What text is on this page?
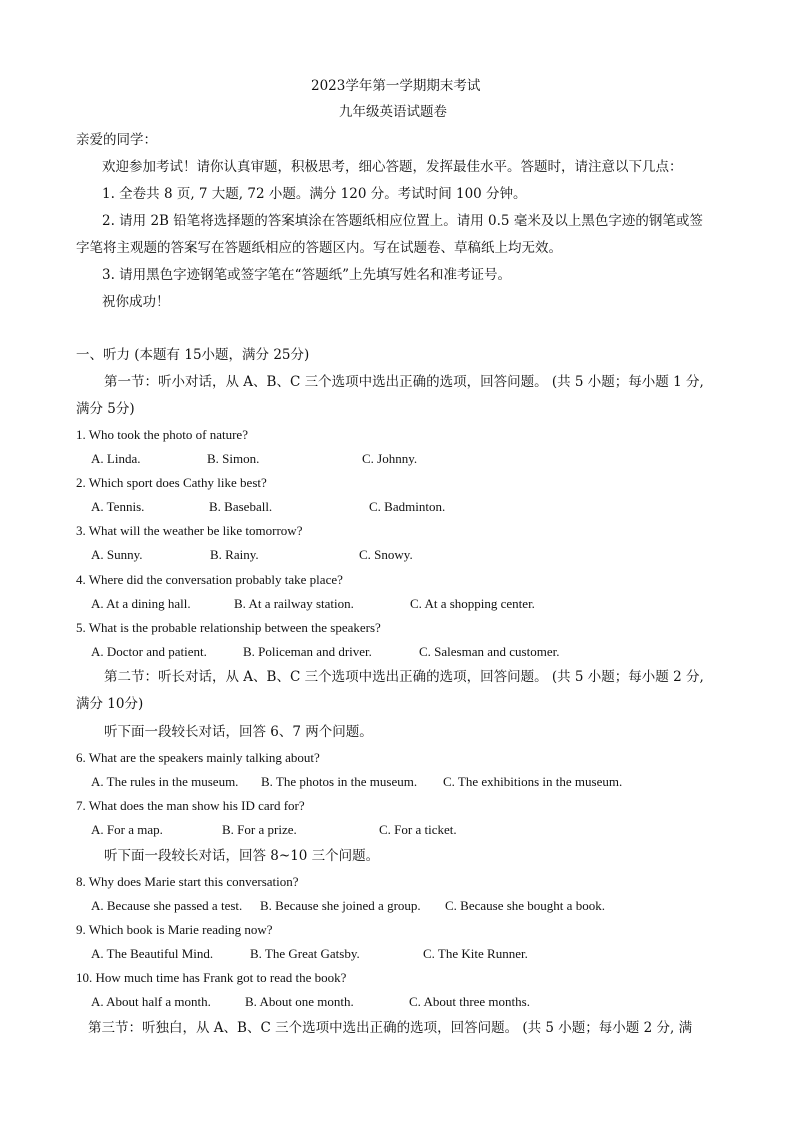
2023学年第一学期期末考试
九年级英语试题卷
亲爱的同学：
欢迎参加考试！请你认真审题，积极思考，细心答题，发挥最佳水平。答题时，请注意以下几点：
1. 全卷共 8 页, 7 大题, 72 小题。满分 120 分。考试时间 100 分钟。
2. 请用 2B 铅笔将选择题的答案填涂在答题纸相应位置上。请用 0.5 毫米及以上黑色字迹的钢笔或签
字笔将主观题的答案写在答题纸相应的答题区内。写在试题卷、草稿纸上均无效。
3. 请用黑色字迹钢笔或签字笔在“答题纸”上先填写姓名和准考证号。
祝你成功！
一、听力 (本题有 15小题，满分 25分)
第一节：听小对话，从 A、B、C 三个选项中选出正确的选项，回答问题。 (共 5 小题；每小题 1 分,
满分 5分)
1. Who took the photo of nature?
A. Linda.	B. Simon.	C. Johnny.
2. Which sport does Cathy like best?
A. Tennis.	B. Baseball.	C. Badminton.
3. What will the weather be like tomorrow?
A. Sunny.	B. Rainy.	C. Snowy.
4. Where did the conversation probably take place?
A. At a dining hall.	B. At a railway station.	C. At a shopping center.
5. What is the probable relationship between the speakers?
A. Doctor and patient.	B. Policeman and driver.	C. Salesman and customer.
第二节：听长对话，从 A、B、C 三个选项中选出正确的选项，回答问题。 (共 5 小题；每小题 2 分,
满分 10分)
听下面一段较长对话，回答 6、7 两个问题。
6. What are the speakers mainly talking about?
A. The rules in the museum. B. The photos in the museum. C. The exhibitions in the museum.
7. What does the man show his ID card for?
A. For a map.	B. For a prize.	C. For a ticket.
听下面一段较长对话，回答 8~10 三个问题。
8. Why does Marie start this conversation?
A. Because she passed a test. B. Because she joined a group. C. Because she bought a book.
9. Which book is Marie reading now?
A. The Beautiful Mind.	B. The Great Gatsby.	C. The Kite Runner.
10. How much time has Frank got to read the book?
A. About half a month.	B. About one month.	C. About three months.
第三节：听独白，从 A、B、C 三个选项中选出正确的选项，回答问题。 (共 5 小题；每小题 2 分, 满
